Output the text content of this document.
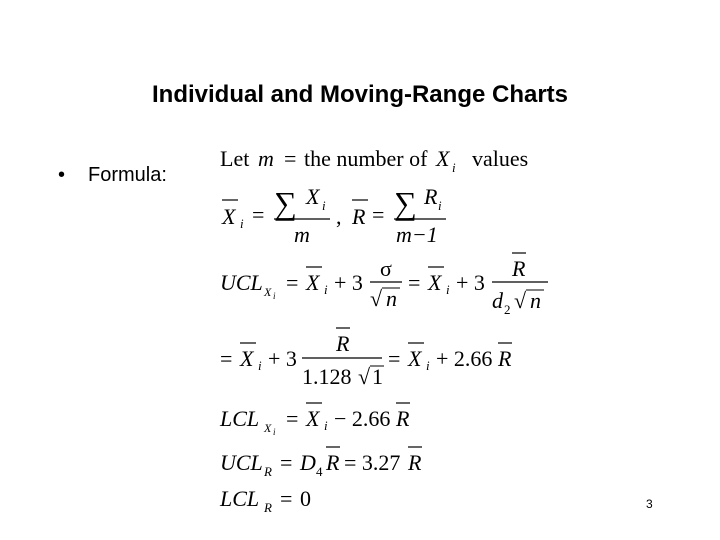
Individual and Moving-Range Charts
• Formula:
Let m = the number of X i values
X i = ∑ X i
m
, R = ∑ R i
m−1
UCL X i
= X i + 3
σ
√ n
= X i + 3
R
d 2 √ n
= X i + 3
R
1.128 √ 1
= X i + 2.66 R
LCL X i
= X i − 2.66 R
UCL R = D 4 R = 3.27 R
LCL R = 0	3
